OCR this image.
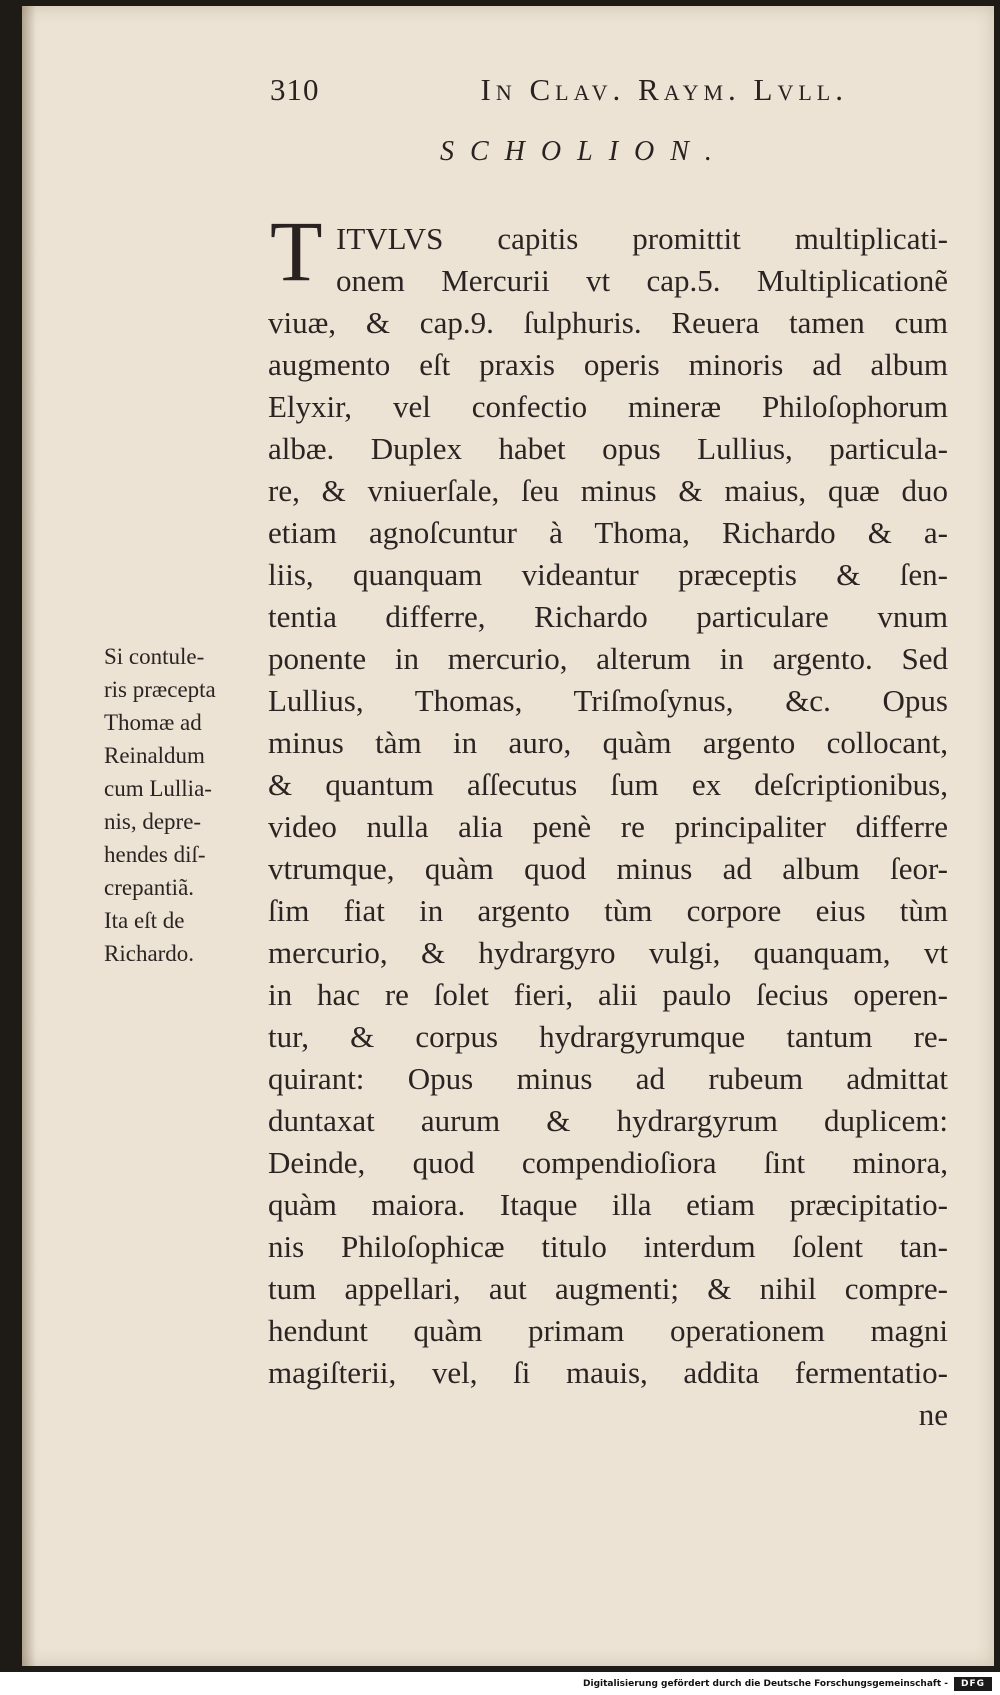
310	In Clav. Raym. Lvll.
SCHOLION.
T ITVLVS capitis promittit multiplicati-
onem Mercurii vt cap.5. Multiplicationẽ
viuæ, & cap.9. ſulphuris. Reuera tamen cum
augmento eſt praxis operis minoris ad album
Elyxir, vel confectio mineræ Philoſophorum
albæ. Duplex habet opus Lullius, particula-
re, & vniuerſale, ſeu minus & maius, quæ duo
etiam agnoſcuntur à Thoma, Richardo & a-
liis, quanquam videantur præceptis & ſen-
tentia differre, Richardo particulare vnum
ponente in mercurio, alterum in argento. Sed
Lullius, Thomas, Triſmoſynus, &c. Opus
minus tàm in auro, quàm argento collocant,
& quantum aſſecutus ſum ex deſcriptionibus,
video nulla alia penè re principaliter differre
vtrumque, quàm quod minus ad album ſeor-
ſim fiat in argento tùm corpore eius tùm
mercurio, & hydrargyro vulgi, quanquam, vt
in hac re ſolet fieri, alii paulo ſecius operen-
tur, & corpus hydrargyrumque tantum re-
quirant: Opus minus ad rubeum admittat
duntaxat aurum & hydrargyrum duplicem:
Deinde, quod compendioſiora ſint minora,
quàm maiora. Itaque illa etiam præcipitatio-
nis Philoſophicæ titulo interdum ſolent tan-
tum appellari, aut augmenti; & nihil compre-
hendunt quàm primam operationem magni
magiſterii, vel, ſi mauis, addita fermentatio-
ne
Si contule-
ris præcepta
Thomæ ad
Reinaldum
cum Lullia-
nis, depre-
hendes diſ-
crepantiã.
Ita eſt de
Richardo.
Digitalisierung gefördert durch die Deutsche Forschungsgemeinschaft -	DFG
